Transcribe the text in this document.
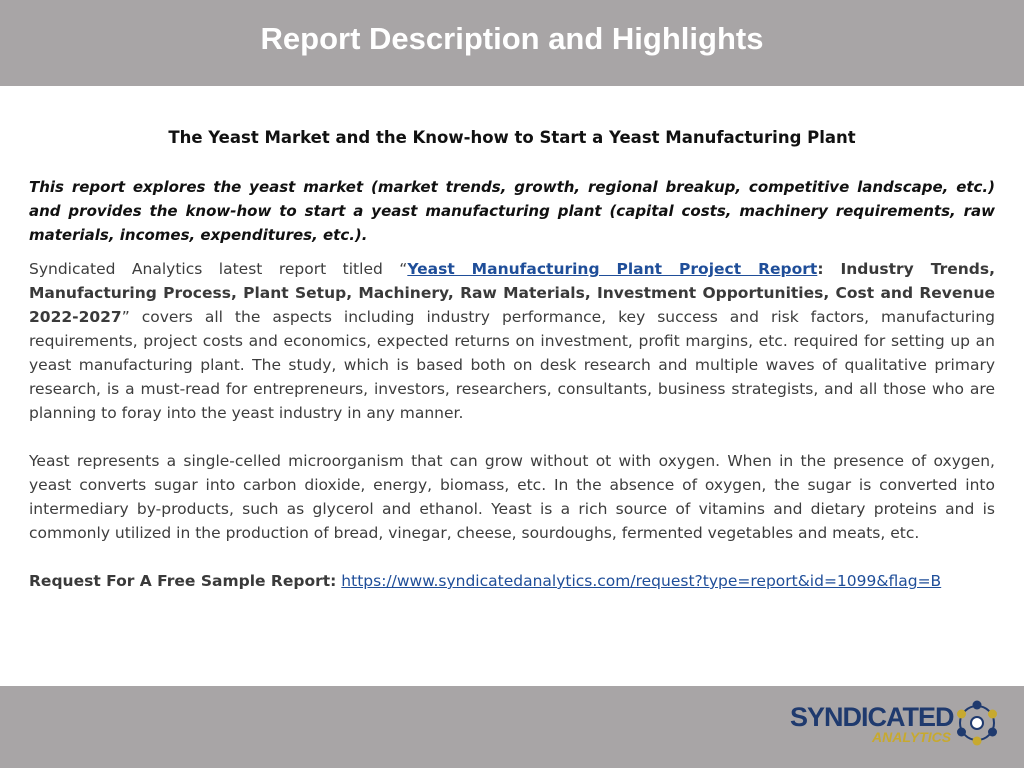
Report Description and Highlights

The Yeast Market and the Know-how to Start a Yeast Manufacturing Plant

This report explores the yeast market (market trends, growth, regional breakup, competitive landscape, etc.) and provides the know-how to start a yeast manufacturing plant (capital costs, machinery requirements, raw materials, incomes, expenditures, etc.).

Syndicated Analytics latest report titled “Yeast Manufacturing Plant Project Report: Industry Trends, Manufacturing Process, Plant Setup, Machinery, Raw Materials, Investment Opportunities, Cost and Revenue 2022-2027” covers all the aspects including industry performance, key success and risk factors, manufacturing requirements, project costs and economics, expected returns on investment, profit margins, etc. required for setting up an yeast manufacturing plant. The study, which is based both on desk research and multiple waves of qualitative primary research, is a must-read for entrepreneurs, investors, researchers, consultants, business strategists, and all those who are planning to foray into the yeast industry in any manner.

Yeast represents a single-celled microorganism that can grow without ot with oxygen. When in the presence of oxygen, yeast converts sugar into carbon dioxide, energy, biomass, etc. In the absence of oxygen, the sugar is converted into intermediary by-products, such as glycerol and ethanol. Yeast is a rich source of vitamins and dietary proteins and is commonly utilized in the production of bread, vinegar, cheese, sourdoughs, fermented vegetables and meats, etc.

Request For A Free Sample Report: https://www.syndicatedanalytics.com/request?type=report&id=1099&flag=B

SYNDICATED
ANALYTICS
